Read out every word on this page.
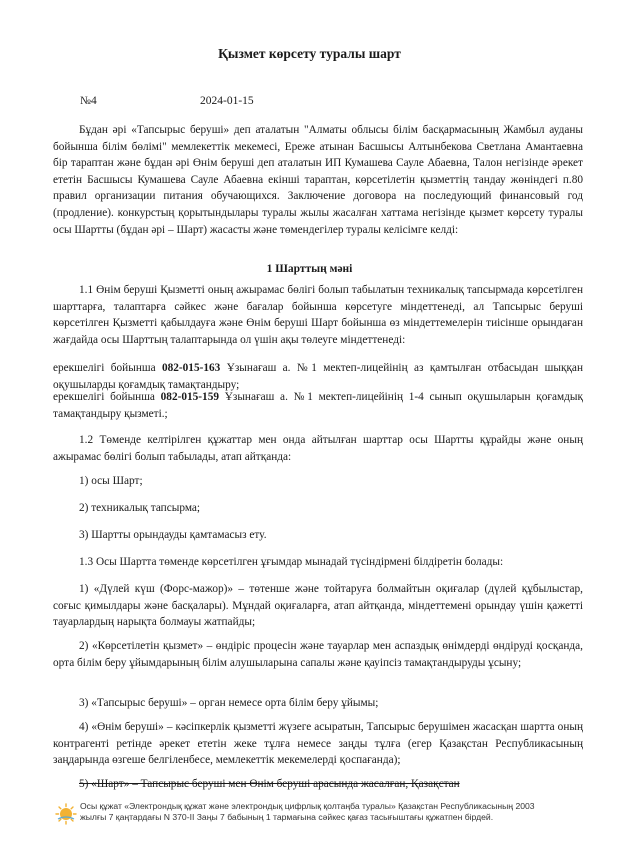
Қызмет көрсету туралы шарт
№4	2024-01-15

Бұдан әрі «Тапсырыс беруші» деп аталатын "Алматы облысы білім басқармасының Жамбыл ауданы бойынша білім бөлімі" мемлекеттік мекемесі, Ереже атынан Басшысы Алтынбекова Светлана Амантаевна бір тараптан және бұдан әрі Өнім беруші деп аталатын ИП Кумашева Сауле Абаевна, Талон негізінде әрекет ететін Басшысы Кумашева Сауле Абаевна екінші тараптан, көрсетілетін қызметтің тандау жөніндегі п.80 правил организации питания обучающихся. Заключение договора на последующий финансовый год (продление). конкурстың қорытындылары туралы жылы жасалған хаттама негізінде қызмет көрсету туралы осы Шартты (бұдан әрі – Шарт) жасасты және төмендегілер туралы келісімге келді:

1 Шарттың мәні

1.1 Өнім беруші Қызметті оның ажырамас бөлігі болып табылатын техникалық тапсырмада көрсетілген шарттарға, талаптарға сәйкес және бағалар бойынша көрсетуге міндеттенеді, ал Тапсырыс беруші көрсетілген Қызметті қабылдауға және Өнім беруші Шарт бойынша өз міндеттемелерін тиісінше орындаған жағдайда осы Шарттың талаптарында ол үшін ақы төлеуге міндеттенеді:

ерекшелігі бойынша 082-015-163 Ұзынағаш а. №1 мектеп-лицейінің аз қамтылған отбасыдан шыққан оқушыларды қоғамдық тамақтандыру;

ерекшелігі бойынша 082-015-159 Ұзынағаш а. №1 мектеп-лицейінің 1-4 сынып оқушыларын қоғамдық тамақтандыру қызметі.;

1.2 Төменде келтірілген құжаттар мен онда айтылған шарттар осы Шартты құрайды және оның ажырамас бөлігі болып табылады, атап айтқанда:

1) осы Шарт;

2) техникалық тапсырма;

3) Шартты орындауды қамтамасыз ету.

1.3 Осы Шартта төменде көрсетілген ұғымдар мынадай түсіндірмені білдіретін болады:

1) «Дүлей күш (Форс-мажор)» – төтенше және тойтаруға болмайтын оқиғалар (дүлей құбылыстар, соғыс қимылдары және басқалары). Мұндай оқиғаларға, атап айтқанда, міндеттемені орындау үшін қажетті тауарлардың нарықта болмауы жатпайды;

2) «Көрсетілетін қызмет» – өндіріс процесін және тауарлар мен аспаздық өнімдерді өндіруді қосқанда, орта білім беру ұйымдарының білім алушыларына сапалы және қауіпсіз тамақтандыруды ұсыну;

3) «Тапсырыс беруші» – орган немесе орта білім беру ұйымы;

4) «Өнім беруші» – кәсіпкерлік қызметті жүзеге асыратын, Тапсырыс берушімен жасасқан шартта оның контрагенті ретінде әрекет ететін жеке тұлға немесе заңды тұлға (егер Қазақстан Республикасының заңдарында өзгеше белгіленбесе, мемлекеттік мекемелерді қоспағанда);

5) «Шарт» – Тапсырыс беруші мен Өнім беруші арасында жасалған, Қазақстан

Осы құжат «Электрондық құжат және электрондық цифрлық қолтаңба туралы» Қазақстан Республикасының 2003 жылғы 7 қаңтардағы N 370-II Заңы 7 бабының 1 тармағына сәйкес қағаз тасығыштағы құжатпен бірдей.
